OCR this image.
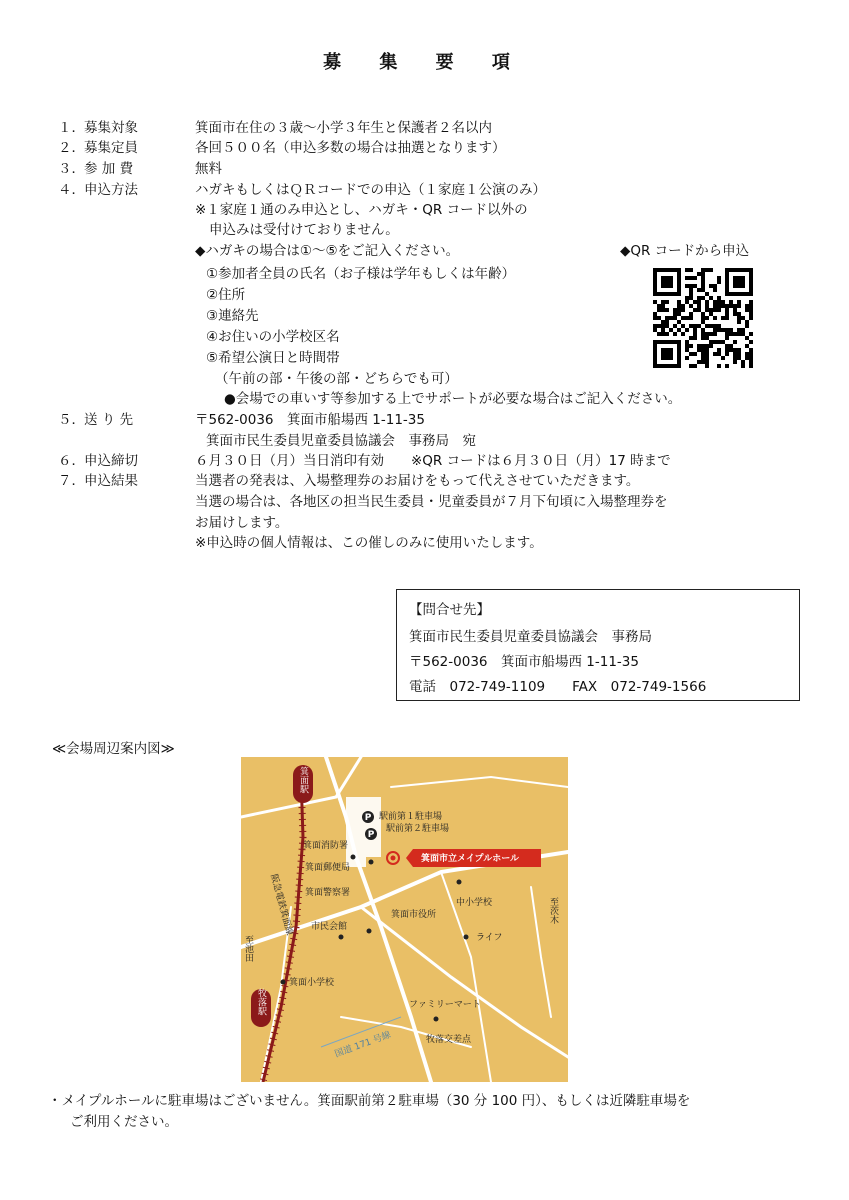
募 集 要 項
１． 募集対象	箕面市在住の３歳～小学３年生と保護者２名以内
２． 募集定員	各回５００名（申込多数の場合は抽選となります）
３． 参 加 費	無料
４． 申込方法	ハガキもしくはＱＲコードでの申込（１家庭１公演のみ）
※１家庭１通のみ申込とし、ハガキ・QR コード以外の
申込みは受付けておりません。
◆ハガキの場合は①～⑤をご記入ください。	◆QR コードから申込
①参加者全員の氏名（お子様は学年もしくは年齢）
②住所
③連絡先
④お住いの小学校区名
⑤希望公演日と時間帯
（午前の部・午後の部・どちらでも可）
●会場での車いす等参加する上でサポートが必要な場合はご記入ください。
５． 送 り 先	〒562-0036　箕面市船場西 1-11-35
箕面市民生委員児童委員協議会　事務局　宛
６． 申込締切	６月３０日（月）当日消印有効　　※QR コードは６月３０日（月）17 時まで
７． 申込結果	当選者の発表は、入場整理券のお届けをもって代えさせていただきます。
当選の場合は、各地区の担当民生委員・児童委員が７月下旬頃に入場整理券を
お届けします。
※申込時の個人情報は、この催しのみに使用いたします。
【問合せ先】
箕面市民生委員児童委員協議会　事務局
〒562-0036　箕面市船場西 1-11-35
電話　072-749-1109　　FAX　072-749-1566
≪会場周辺案内図≫
箕面駅
牧落駅
P 駅前第１駐車場
P
駅前第２駐車場
箕面市立メイプルホール
箕面消防署
箕面郵便局
箕面警察署
箕面市役所
中小学校
市民会館
ライフ
箕面小学校
ファミリーマート
牧落交差点
国道 171 号線
阪急電鉄箕面線
至池田
至茨木
・メイプルホールに駐車場はございません。箕面駅前第２駐車場（30 分 100 円）、もしくは近隣駐車場を
ご利用ください。
